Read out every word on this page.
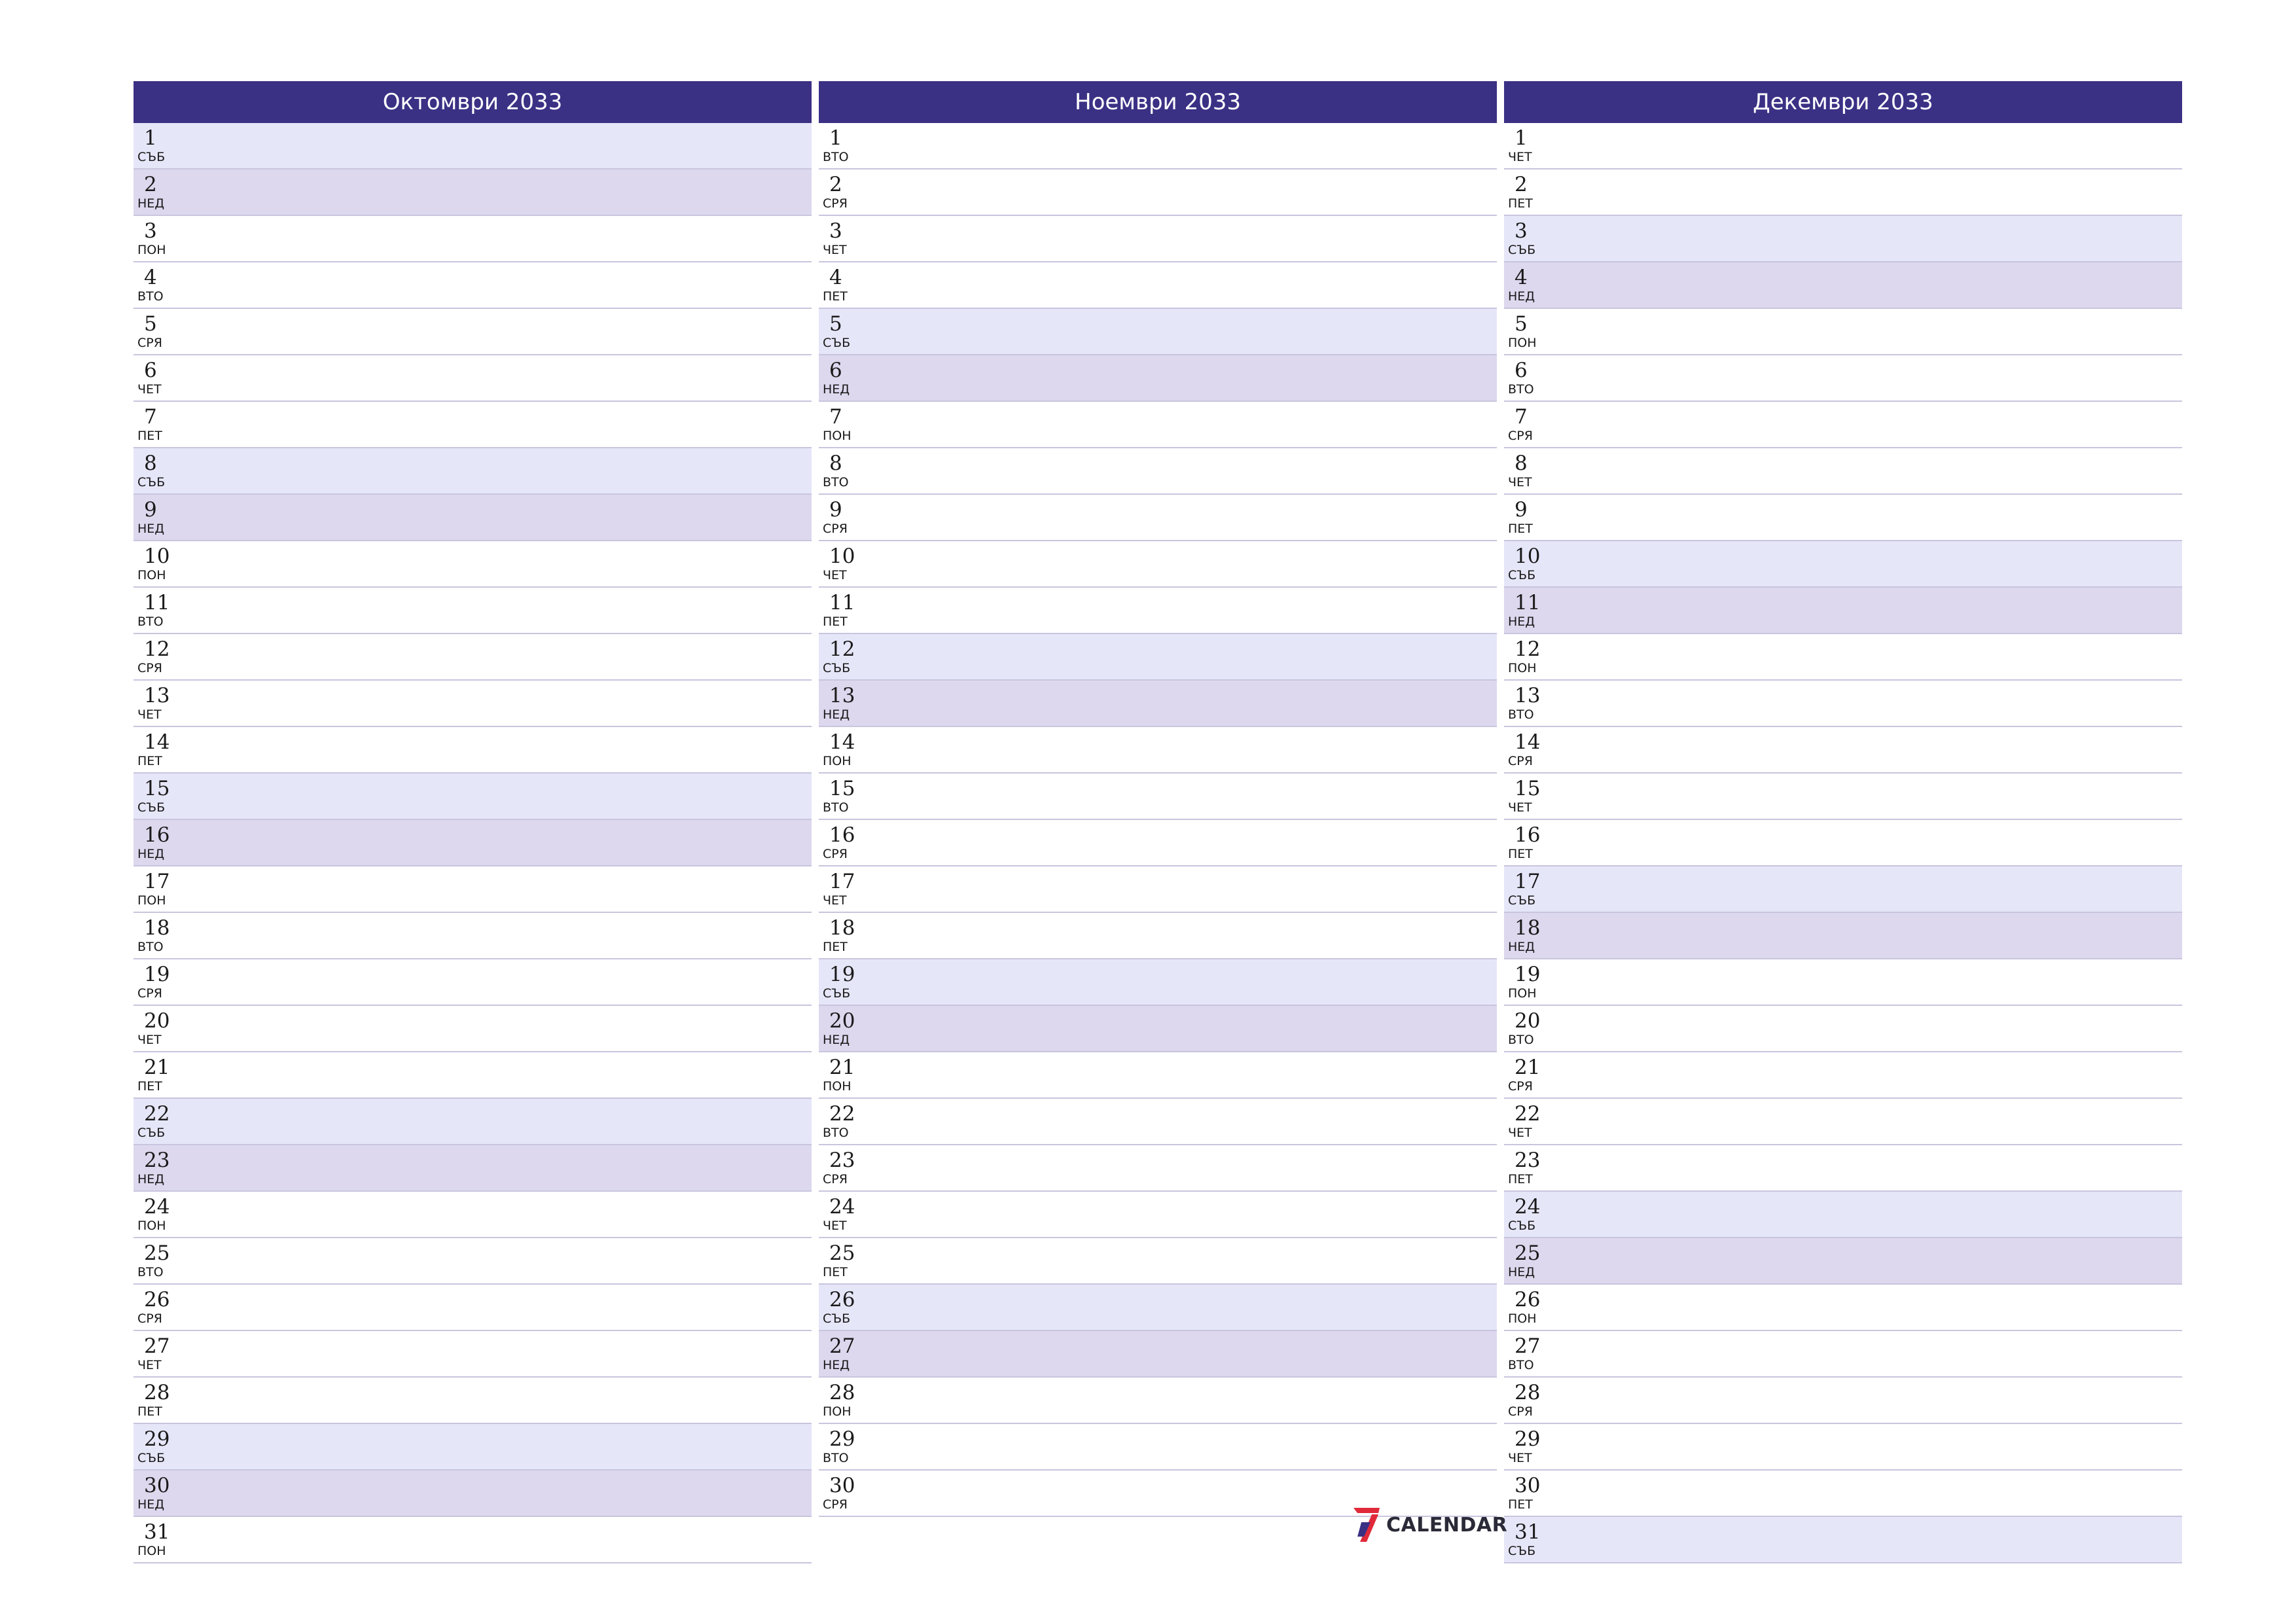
Октомври 2033
1
СЪБ
2
НЕД
3
ПОН
4
ВТО
5
СРЯ
6
ЧЕТ
7
ПЕТ
8
СЪБ
9
НЕД
10
ПОН
11
ВТО
12
СРЯ
13
ЧЕТ
14
ПЕТ
15
СЪБ
16
НЕД
17
ПОН
18
ВТО
19
СРЯ
20
ЧЕТ
21
ПЕТ
22
СЪБ
23
НЕД
24
ПОН
25
ВТО
26
СРЯ
27
ЧЕТ
28
ПЕТ
29
СЪБ
30
НЕД
31
ПОН
Ноември 2033
1
ВТО
2
СРЯ
3
ЧЕТ
4
ПЕТ
5
СЪБ
6
НЕД
7
ПОН
8
ВТО
9
СРЯ
10
ЧЕТ
11
ПЕТ
12
СЪБ
13
НЕД
14
ПОН
15
ВТО
16
СРЯ
17
ЧЕТ
18
ПЕТ
19
СЪБ
20
НЕД
21
ПОН
22
ВТО
23
СРЯ
24
ЧЕТ
25
ПЕТ
26
СЪБ
27
НЕД
28
ПОН
29
ВТО
30
СРЯ
Декември 2033
1
ЧЕТ
2
ПЕТ
3
СЪБ
4
НЕД
5
ПОН
6
ВТО
7
СРЯ
8
ЧЕТ
9
ПЕТ
10
СЪБ
11
НЕД
12
ПОН
13
ВТО
14
СРЯ
15
ЧЕТ
16
ПЕТ
17
СЪБ
18
НЕД
19
ПОН
20
ВТО
21
СРЯ
22
ЧЕТ
23
ПЕТ
24
СЪБ
25
НЕД
26
ПОН
27
ВТО
28
СРЯ
29
ЧЕТ
30
ПЕТ
31
СЪБ
CALENDAR
